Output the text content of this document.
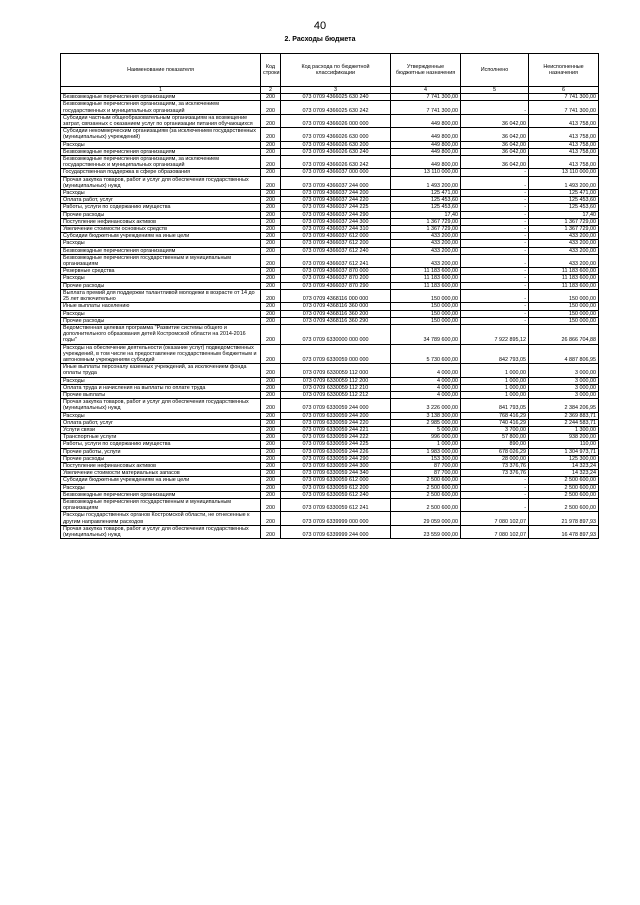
40
2. Расходы бюджета
Наименование показателя	Код строки	Код расхода по бюджетной классификации	Утвержденные бюджетные назначения	Исполнено	Неисполненные назначения
1	2	3	4	5	6
Безвозмездные перечисления организациям	200	073 0709 4366025 630 240	7 741 300,00		7 741 300,00
Безвозмездные перечисления организациям, за исключением государственных и муниципальных организаций	200	073 0709 4366025 630 242	7 741 300,00	-	7 741 300,00
Субсидии частным общеобразовательным организациям на возмещение затрат, связанных с оказанием услуг по организации питания обучающихся	200	073 0709 4366026 000 000	449 800,00	36 042,00	413 758,00
Субсидии некоммерческим организациям (за исключением государственных (муниципальных) учреждений)	200	073 0709 4366026 630 000	449 800,00	36 042,00	413 758,00
Расходы	200	073 0709 4366026 630 200	449 800,00	36 042,00	413 758,00
Безвозмездные перечисления организациям	200	073 0709 4366026 630 240	449 800,00	36 042,00	413 758,00
Безвозмездные перечисления организациям, за исключением государственных и муниципальных организаций	200	073 0709 4366026 630 242	449 800,00	36 042,00	413 758,00
Государственная поддержка в сфере образования	200	073 0709 4366037 000 000	13 110 000,00	-	13 110 000,00
Прочая закупка товаров, работ и услуг для обеспечения государственных (муниципальных) нужд	200	073 0709 4366037 244 000	1 493 200,00	-	1 493 200,00
Расходы	200	073 0709 4366037 244 200	125 471,00	-	125 471,00
Оплата работ, услуг	200	073 0709 4366037 244 220	125 453,60	-	125 453,60
Работы, услуги по содержанию имущества	200	073 0709 4366037 244 225	125 453,60	-	125 453,60
Прочие расходы	200	073 0709 4366037 244 290	17,40	-	17,40
Поступление нефинансовых активов	200	073 0709 4366037 244 300	1 367 729,00	-	1 367 729,00
Увеличение стоимости основных средств	200	073 0709 4366037 244 310	1 367 729,00	-	1 367 729,00
Субсидии бюджетным учреждениям на иные цели	200	073 0709 4366037 612 000	433 200,00	-	433 200,00
Расходы	200	073 0709 4366037 612 200	433 200,00	-	433 200,00
Безвозмездные перечисления организациям	200	073 0709 4366037 612 240	433 200,00	-	433 200,00
Безвозмездные перечисления государственным и муниципальным организациям	200	073 0709 4366037 612 241	433 200,00	-	433 200,00
Резервные средства	200	073 0709 4366037 870 000	11 183 600,00	-	11 183 600,00
Расходы	200	073 0709 4366037 870 200	11 183 600,00	-	11 183 600,00
Прочие расходы	200	073 0709 4366037 870 290	11 183 600,00	-	11 183 600,00
Выплата премий для поддержки талантливой молодежи в возрасте от 14 до 25 лет включительно	200	073 0709 4368116 000 000	150 000,00	-	150 000,00
Иные выплаты населению	200	073 0709 4368116 360 000	150 000,00	-	150 000,00
Расходы	200	073 0709 4368116 360 200	150 000,00	-	150 000,00
Прочие расходы	200	073 0709 4368116 360 290	150 000,00	-	150 000,00
Ведомственная целевая программа "Развитие системы общего и дополнительного образования детей Костромской области на 2014-2016 годы"	200	073 0709 6330000 000 000	34 789 600,00	7 922 895,12	26 866 704,88
Расходы на обеспечение деятельности (оказание услуг) подведомственных учреждений, в том числе на предоставление государственным бюджетным и автономным учреждениям субсидий	200	073 0709 6330059 000 000	5 730 600,00	842 793,05	4 887 806,95
Иные выплаты персоналу казенных учреждений, за исключением фонда оплаты труда	200	073 0709 6330059 112 000	4 000,00	1 000,00	3 000,00
Расходы	200	073 0709 6330059 112 200	4 000,00	1 000,00	3 000,00
Оплата труда и начисления на выплаты по оплате труда	200	073 0709 6330059 112 210	4 000,00	1 000,00	3 000,00
Прочие выплаты	200	073 0709 6330059 112 212	4 000,00	1 000,00	3 000,00
Прочая закупка товаров, работ и услуг для обеспечения государственных (муниципальных) нужд	200	073 0709 6330059 244 000	3 226 000,00	841 793,05	2 384 206,95
Расходы	200	073 0709 6330059 244 200	3 138 300,00	768 416,29	2 369 883,71
Оплата работ, услуг	200	073 0709 6330059 244 220	2 985 000,00	740 416,29	2 244 583,71
Услуги связи	200	073 0709 6330059 244 221	5 000,00	3 700,00	1 300,00
Транспортные услуги	200	073 0709 6330059 244 222	996 000,00	57 800,00	938 200,00
Работы, услуги по содержанию имущества	200	073 0709 6330059 244 225	1 000,00	890,00	110,00
Прочие работы, услуги	200	073 0709 6330059 244 226	1 983 000,00	678 026,29	1 304 973,71
Прочие расходы	200	073 0709 6330059 244 290	153 300,00	28 000,00	125 300,00
Поступление нефинансовых активов	200	073 0709 6330059 244 300	87 700,00	73 376,76	14 323,24
Увеличение стоимости материальных запасов	200	073 0709 6330059 244 340	87 700,00	73 376,76	14 323,24
Субсидии бюджетным учреждениям на иные цели	200	073 0709 6330059 612 000	2 500 600,00	-	2 500 600,00
Расходы	200	073 0709 6330059 612 200	2 500 600,00	-	2 500 600,00
Безвозмездные перечисления организациям	200	073 0709 6330059 612 240	2 500 600,00	-	2 500 600,00
Безвозмездные перечисления государственным и муниципальным организациям	200	073 0709 6330059 612 241	2 500 600,00	-	2 500 600,00
Расходы государственных органов Костромской области, не отнесенные к другим направлениям расходов	200	073 0709 6339999 000 000	29 059 000,00	7 080 102,07	21 978 897,93
Прочая закупка товаров, работ и услуг для обеспечения государственных (муниципальных) нужд	200	073 0709 6339999 244 000	23 559 000,00	7 080 102,07	16 478 897,93
